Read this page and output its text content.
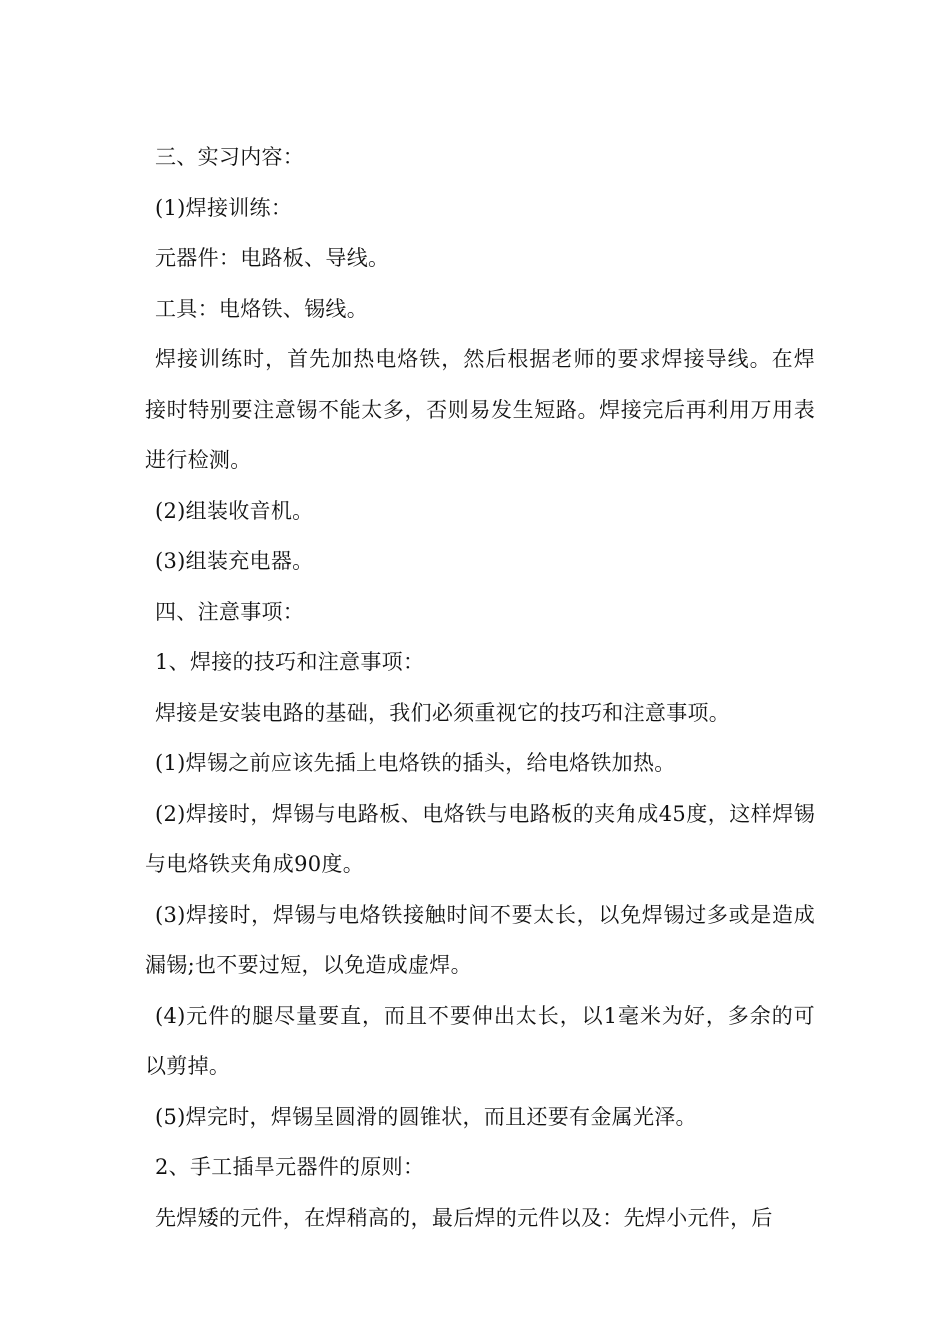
三、实习内容：

(1)焊接训练：

元器件：电路板、导线。

工具：电烙铁、锡线。

焊接训练时，首先加热电烙铁，然后根据老师的要求焊接导线。在焊接时特别要注意锡不能太多，否则易发生短路。焊接完后再利用万用表进行检测。

(2)组装收音机。

(3)组装充电器。

四、注意事项：

1、焊接的技巧和注意事项：

焊接是安装电路的基础，我们必须重视它的技巧和注意事项。

(1)焊锡之前应该先插上电烙铁的插头，给电烙铁加热。

(2)焊接时，焊锡与电路板、电烙铁与电路板的夹角成45度，这样焊锡与电烙铁夹角成90度。

(3)焊接时，焊锡与电烙铁接触时间不要太长，以免焊锡过多或是造成漏锡;也不要过短，以免造成虚焊。

(4)元件的腿尽量要直，而且不要伸出太长，以1毫米为好，多余的可以剪掉。

(5)焊完时，焊锡呈圆滑的圆锥状，而且还要有金属光泽。

2、手工插旱元器件的原则：

先焊矮的元件，在焊稍高的，最后焊的元件以及：先焊小元件，后
